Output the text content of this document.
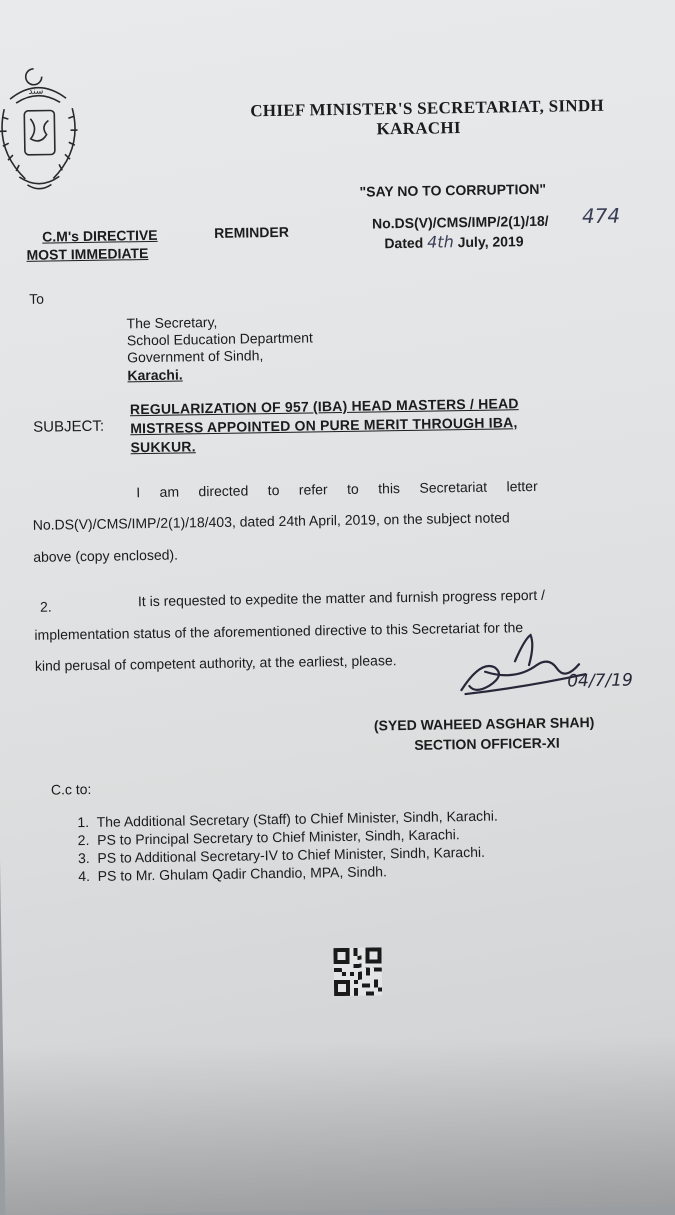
سنڌ
CHIEF MINISTER'S SECRETARIAT, SINDH
KARACHI
"SAY NO TO CORRUPTION"
No.DS(V)/CMS/IMP/2(1)/18/ 474
Dated 4th July, 2019
C.M's DIRECTIVE
MOST IMMEDIATE
REMINDER
To
The Secretary,
School Education Department
Government of Sindh,
Karachi.
SUBJECT:
REGULARIZATION OF 957 (IBA) HEAD MASTERS / HEAD
MISTRESS APPOINTED ON PURE MERIT THROUGH IBA,
SUKKUR.
I     am     directed     to     refer     to     this     Secretariat     letter
No.DS(V)/CMS/IMP/2(1)/18/403, dated 24th April, 2019, on the subject noted
above (copy enclosed).
2.	It is requested to expedite the matter and furnish progress report /
implementation status of the aforementioned directive to this Secretariat for the
kind perusal of competent authority, at the earliest, please.
04/7/19
(SYED WAHEED ASGHAR SHAH)
SECTION OFFICER-XI
C.c to:
1.  The Additional Secretary (Staff) to Chief Minister, Sindh, Karachi.
2.  PS to Principal Secretary to Chief Minister, Sindh, Karachi.
3.  PS to Additional Secretary-IV to Chief Minister, Sindh, Karachi.
4.  PS to Mr. Ghulam Qadir Chandio, MPA, Sindh.
